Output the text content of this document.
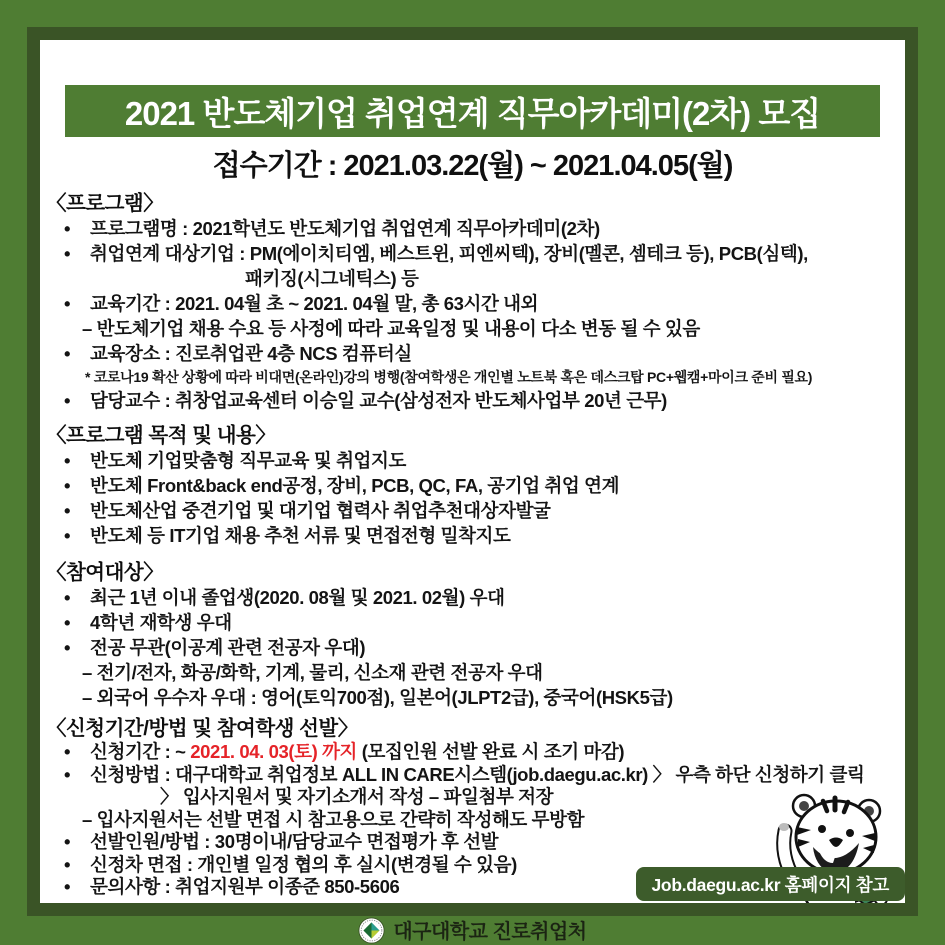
2021 반도체기업 취업연계 직무아카데미(2차) 모집
접수기간 : 2021.03.22(월) ~ 2021.04.05(월)
〈프로그램〉
• 프로그램명 : 2021학년도 반도체기업 취업연계 직무아카데미(2차)
• 취업연계 대상기업 : PM(에이치티엠, 베스트윈, 피엔씨텍), 장비(멜콘, 셈테크 등), PCB(심텍),
패키징(시그네틱스) 등
• 교육기간 : 2021. 04월 초 ~ 2021. 04월 말, 총 63시간 내외
– 반도체기업 채용 수요 등 사정에 따라 교육일정 및 내용이 다소 변동 될 수 있음
• 교육장소 : 진로취업관 4층 NCS 컴퓨터실
* 코로나19 확산 상황에 따라 비대면(온라인)강의 병행(참여학생은 개인별 노트북 혹은 데스크탑 PC+웹캠+마이크 준비 필요)
• 담당교수 : 취창업교육센터 이승일 교수(삼성전자 반도체사업부 20년 근무)
〈프로그램 목적 및 내용〉
• 반도체 기업맞춤형 직무교육 및 취업지도
• 반도체 Front&back end공정, 장비, PCB, QC, FA, 공기업 취업 연계
• 반도체산업 중견기업 및 대기업 협력사 취업추천대상자발굴
• 반도체 등 IT기업 채용 추천 서류 및 면접전형 밀착지도
〈참여대상〉
• 최근 1년 이내 졸업생(2020. 08월 및 2021. 02월) 우대
• 4학년 재학생 우대
• 전공 무관(이공계 관련 전공자 우대)
– 전기/전자, 화공/화학, 기계, 물리, 신소재 관련 전공자 우대
– 외국어 우수자 우대 : 영어(토익700점), 일본어(JLPT2급), 중국어(HSK5급)
〈신청기간/방법 및 참여학생 선발〉
• 신청기간 : ~ 2021. 04. 03(토) 까지 (모집인원 선발 완료 시 조기 마감)
• 신청방법 : 대구대학교 취업정보 ALL IN CARE시스템(job.daegu.ac.kr) 〉 우측 하단 신청하기 클릭
〉 입사지원서 및 자기소개서 작성 – 파일첨부 저장
– 입사지원서는 선발 면접 시 참고용으로 간략히 작성해도 무방함
• 선발인원/방법 : 30명이내/담당교수 면접평가 후 선발
• 신정차 면접 : 개인별 일정 협의 후 실시(변경될 수 있음)
• 문의사항 : 취업지원부 이종준 850-5606	Job.daegu.ac.kr 홈페이지 참고
대구대학교 진로취업처
